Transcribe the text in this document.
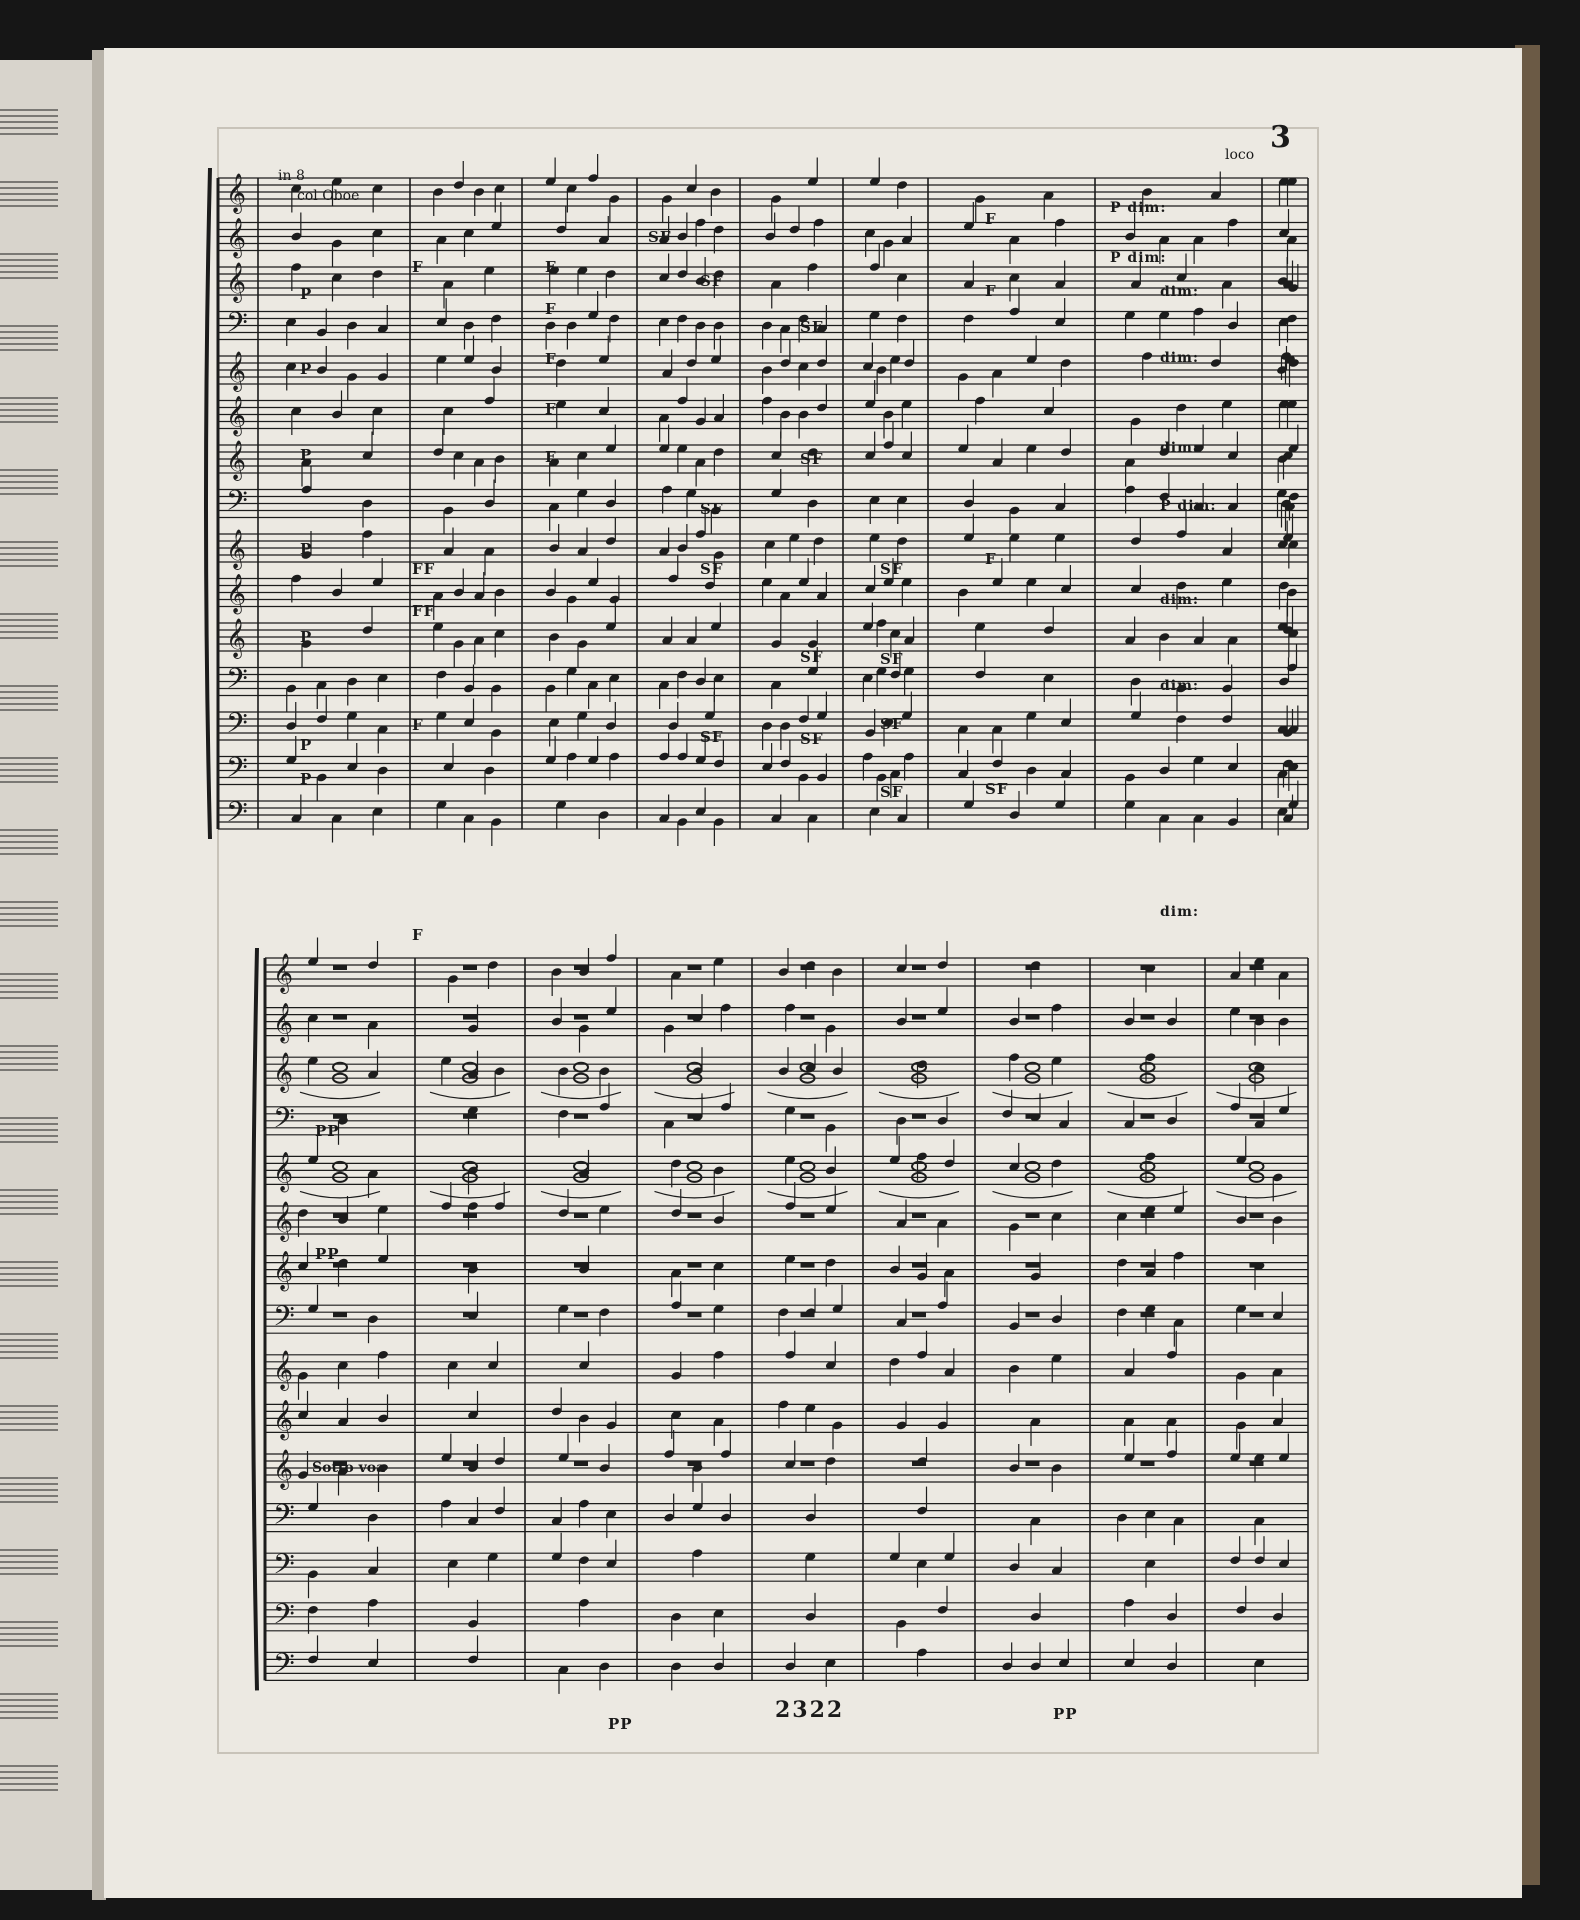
𝄞
𝄞
𝄞
𝄢
𝄞
𝄞
𝄞
𝄢
𝄞
𝄞
𝄞
𝄢
𝄢
𝄢
𝄢
𝄞
𝄞
𝄞
𝄢
𝄞
𝄞
𝄞
𝄢
𝄞
𝄞
𝄞
𝄢
𝄢
𝄢
𝄢
3
2322
in 8
col Oboe
loco
Sotto voa
P
P
P
P
P
P
P
F
FF
FF
F
F
F
F
F
F
F
SF
SF
SF
SF
SF
SF
SF
SF
SF
SF
SF
SF
SF
F
F
F
SF
P dim:
P dim:
dim:
dim:
dim:
P dim:
dim:
dim:
dim:
PP
PP
PP
PP
